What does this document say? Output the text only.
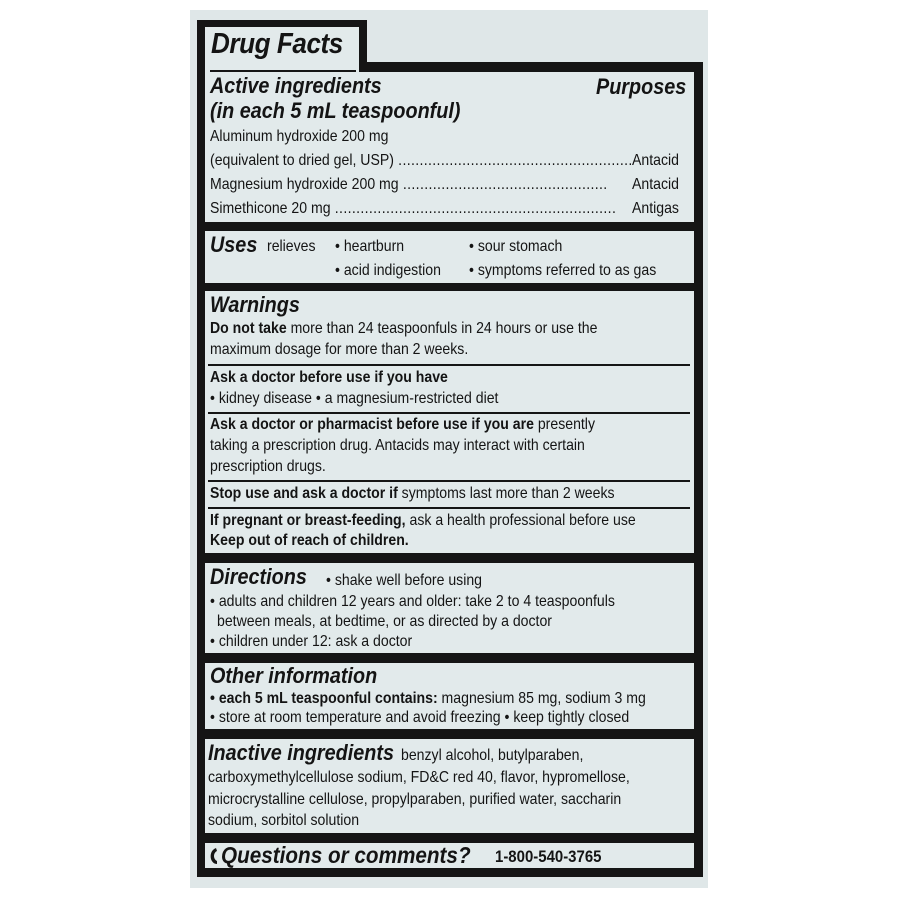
Drug Facts
Active ingredients
(in each 5 mL teaspoonful)
Purposes
Aluminum hydroxide 200 mg
(equivalent to dried gel, USP) ....................................................... Antacid
Magnesium hydroxide 200 mg ................................................ Antacid
Simethicone 20 mg .................................................................. Antigas
Uses relieves • heartburn	• sour stomach
• acid indigestion • symptoms referred to as gas
Warnings
Do not take more than 24 teaspoonfuls in 24 hours or use the
maximum dosage for more than 2 weeks.
Ask a doctor before use if you have
• kidney disease • a magnesium-restricted diet
Ask a doctor or pharmacist before use if you are presently
taking a prescription drug. Antacids may interact with certain
prescription drugs.
Stop use and ask a doctor if symptoms last more than 2 weeks
If pregnant or breast-feeding, ask a health professional before use
Keep out of reach of children.
Directions • shake well before using
• adults and children 12 years and older: take 2 to 4 teaspoonfuls
between meals, at bedtime, or as directed by a doctor
• children under 12: ask a doctor
Other information
• each 5 mL teaspoonful contains: magnesium 85 mg, sodium 3 mg
• store at room temperature and avoid freezing • keep tightly closed
Inactive ingredients benzyl alcohol, butylparaben,
carboxymethylcellulose sodium, FD&C red 40, flavor, hypromellose,
microcrystalline cellulose, propylparaben, purified water, saccharin
sodium, sorbitol solution
Questions or comments? 1-800-540-3765
